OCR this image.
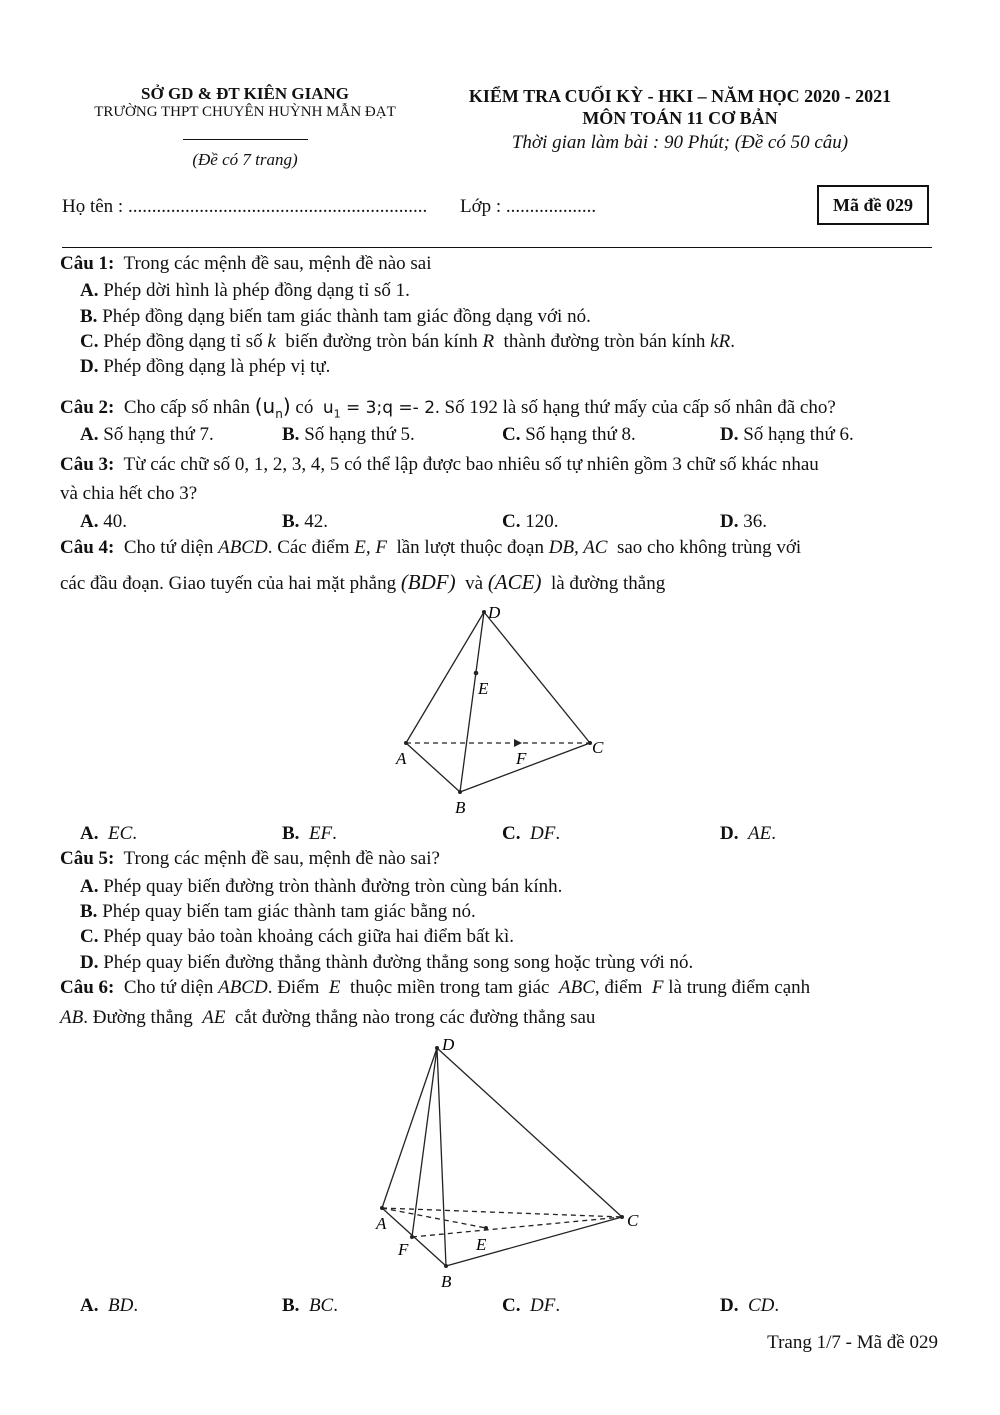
SỞ GD & ĐT KIÊN GIANG
TRƯỜNG THPT CHUYÊN HUỲNH MẪN ĐẠT
(Đề có 7 trang)
KIỂM TRA CUỐI KỲ - HKI – NĂM HỌC 2020 - 2021
MÔN TOÁN 11 CƠ BẢN
Thời gian làm bài : 90 Phút; (Đề có 50 câu)
Họ tên : ............................................................... Lớp : ...................	Mã đề 029
Câu 1: Trong các mệnh đề sau, mệnh đề nào sai
A. Phép dời hình là phép đồng dạng tỉ số 1.
B. Phép đồng dạng biến tam giác thành tam giác đồng dạng với nó.
C. Phép đồng dạng tỉ số k biến đường tròn bán kính R thành đường tròn bán kính kR.
D. Phép đồng dạng là phép vị tự.
Câu 2: Cho cấp số nhân $(u_n)$ có $u_1$ = 3;q =- 2. Số 192 là số hạng thứ mấy của cấp số nhân đã cho?
A. Số hạng thứ 7.	B. Số hạng thứ 5.	C. Số hạng thứ 8.	D. Số hạng thứ 6.
Câu 3: Từ các chữ số 0, 1, 2, 3, 4, 5 có thể lập được bao nhiêu số tự nhiên gồm 3 chữ số khác nhau
và chia hết cho 3?
A. 40.	B. 42.	C. 120.	D. 36.
Câu 4: Cho tứ diện ABCD. Các điểm E, F lần lượt thuộc đoạn DB, AC sao cho không trùng với
các đầu đoạn. Giao tuyến của hai mặt phẳng (BDF) và (ACE) là đường thẳng
D
E
A	F
C
B
A. EC.	B. EF.	C. DF.	D. AE.
Câu 5: Trong các mệnh đề sau, mệnh đề nào sai?
A. Phép quay biến đường tròn thành đường tròn cùng bán kính.
B. Phép quay biến tam giác thành tam giác bằng nó.
C. Phép quay bảo toàn khoảng cách giữa hai điểm bất kì.
D. Phép quay biến đường thẳng thành đường thẳng song song hoặc trùng với nó.
Câu 6: Cho tứ diện ABCD. Điểm E thuộc miền trong tam giác ABC, điểm F là trung điểm cạnh
AB. Đường thẳng AE cắt đường thẳng nào trong các đường thẳng sau
D
A
F	E
C
B
A. BD.	B. BC.	C. DF.	D. CD.
Trang 1/7 - Mã đề 029
